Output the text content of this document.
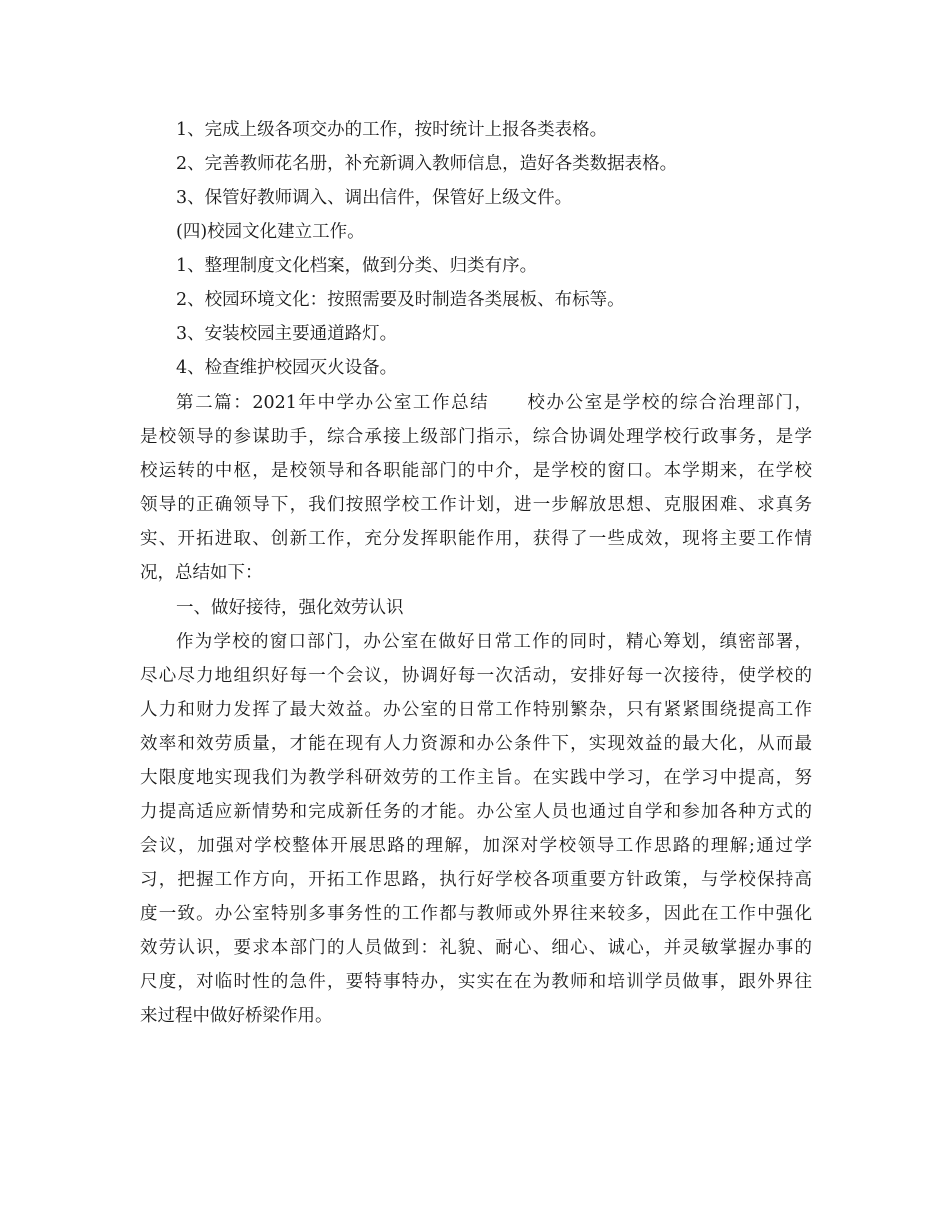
1、完成上级各项交办的工作，按时统计上报各类表格。
2、完善教师花名册，补充新调入教师信息，造好各类数据表格。
3、保管好教师调入、调出信件，保管好上级文件。
(四)校园文化建立工作。
1、整理制度文化档案，做到分类、归类有序。
2、校园环境文化：按照需要及时制造各类展板、布标等。
3、安装校园主要通道路灯。
4、检查维护校园灭火设备。
第二篇：2021年中学办公室工作总结　　校办公室是学校的综合治理部门，
是校领导的参谋助手，综合承接上级部门指示，综合协调处理学校行政事务，是学
校运转的中枢，是校领导和各职能部门的中介，是学校的窗口。本学期来，在学校
领导的正确领导下，我们按照学校工作计划，进一步解放思想、克服困难、求真务
实、开拓进取、创新工作，充分发挥职能作用，获得了一些成效，现将主要工作情
况，总结如下：
一、做好接待，强化效劳认识
作为学校的窗口部门，办公室在做好日常工作的同时，精心筹划，缜密部署，
尽心尽力地组织好每一个会议，协调好每一次活动，安排好每一次接待，使学校的
人力和财力发挥了最大效益。办公室的日常工作特别繁杂，只有紧紧围绕提高工作
效率和效劳质量，才能在现有人力资源和办公条件下，实现效益的最大化，从而最
大限度地实现我们为教学科研效劳的工作主旨。在实践中学习，在学习中提高，努
力提高适应新情势和完成新任务的才能。办公室人员也通过自学和参加各种方式的
会议，加强对学校整体开展思路的理解，加深对学校领导工作思路的理解;通过学
习，把握工作方向，开拓工作思路，执行好学校各项重要方针政策，与学校保持高
度一致。办公室特别多事务性的工作都与教师或外界往来较多，因此在工作中强化
效劳认识，要求本部门的人员做到：礼貌、耐心、细心、诚心，并灵敏掌握办事的
尺度，对临时性的急件，要特事特办，实实在在为教师和培训学员做事，跟外界往
来过程中做好桥梁作用。
